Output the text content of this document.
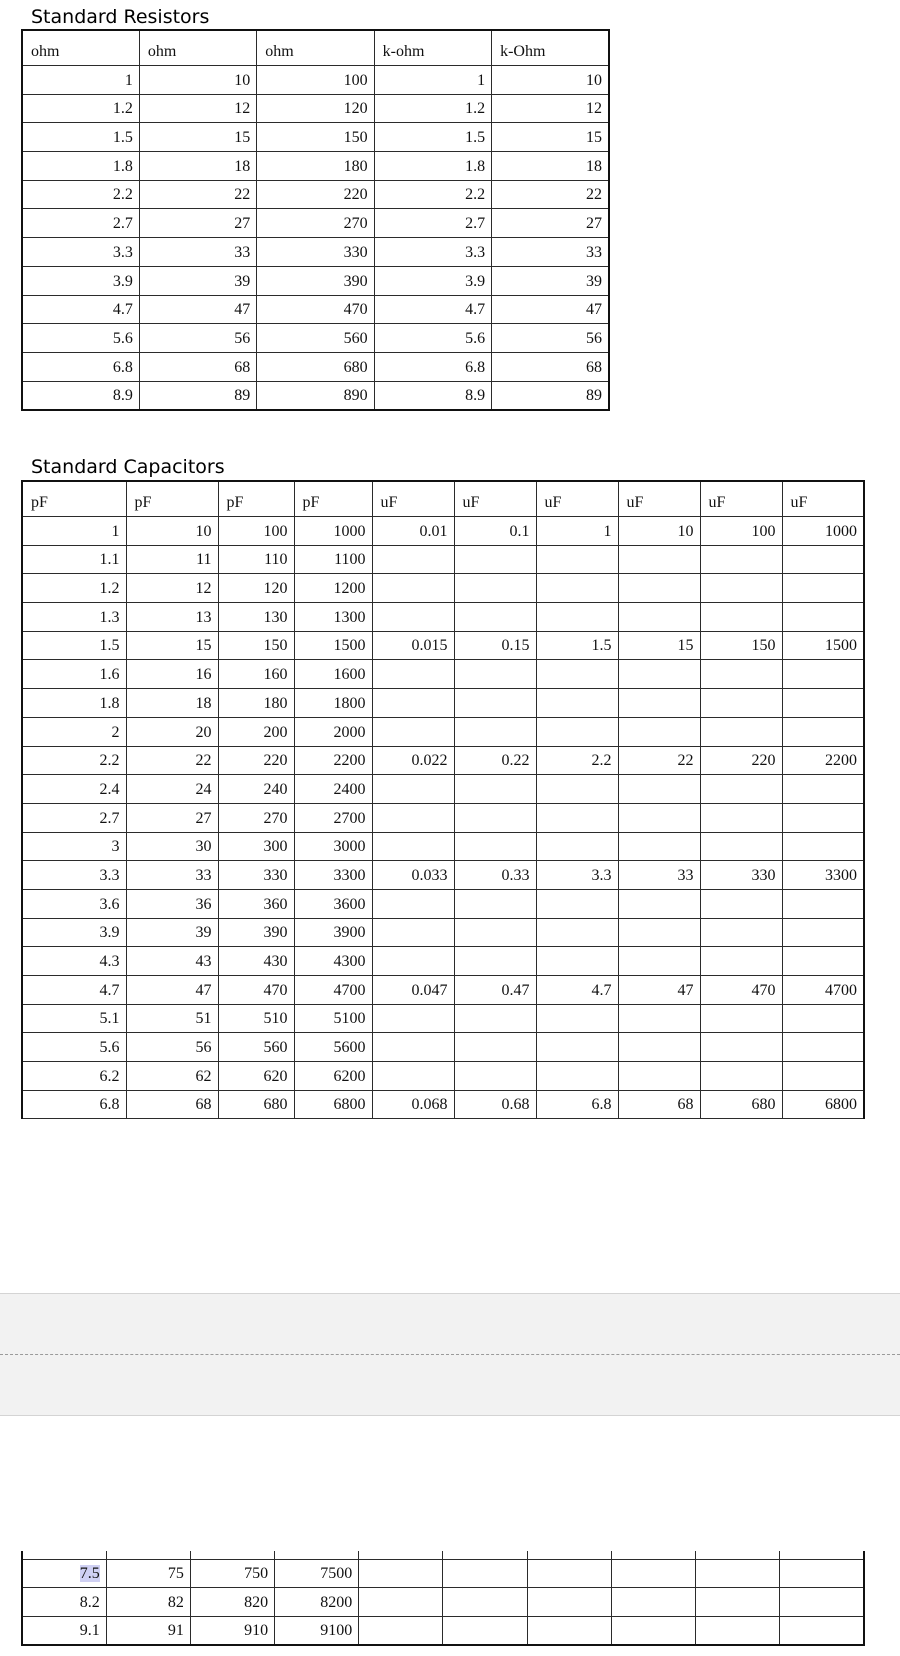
Standard Resistors
ohm	ohm	ohm	k-ohm	k-Ohm
1	10	100	1	10
1.2	12	120	1.2	12
1.5	15	150	1.5	15
1.8	18	180	1.8	18
2.2	22	220	2.2	22
2.7	27	270	2.7	27
3.3	33	330	3.3	33
3.9	39	390	3.9	39
4.7	47	470	4.7	47
5.6	56	560	5.6	56
6.8	68	680	6.8	68
8.9	89	890	8.9	89
Standard Capacitors
pF	pF	pF	pF	uF	uF	uF	uF	uF	uF
1	10	100	1000	0.01	0.1	1	10	100	1000
1.1	11	110	1100						
1.2	12	120	1200						
1.3	13	130	1300						
1.5	15	150	1500	0.015	0.15	1.5	15	150	1500
1.6	16	160	1600						
1.8	18	180	1800						
2	20	200	2000						
2.2	22	220	2200	0.022	0.22	2.2	22	220	2200
2.4	24	240	2400						
2.7	27	270	2700						
3	30	300	3000						
3.3	33	330	3300	0.033	0.33	3.3	33	330	3300
3.6	36	360	3600						
3.9	39	390	3900						
4.3	43	430	4300						
4.7	47	470	4700	0.047	0.47	4.7	47	470	4700
5.1	51	510	5100						
5.6	56	560	5600						
6.2	62	620	6200						
6.8	68	680	6800	0.068	0.68	6.8	68	680	6800

7.5	75	750	7500						
8.2	82	820	8200						
9.1	91	910	9100						
